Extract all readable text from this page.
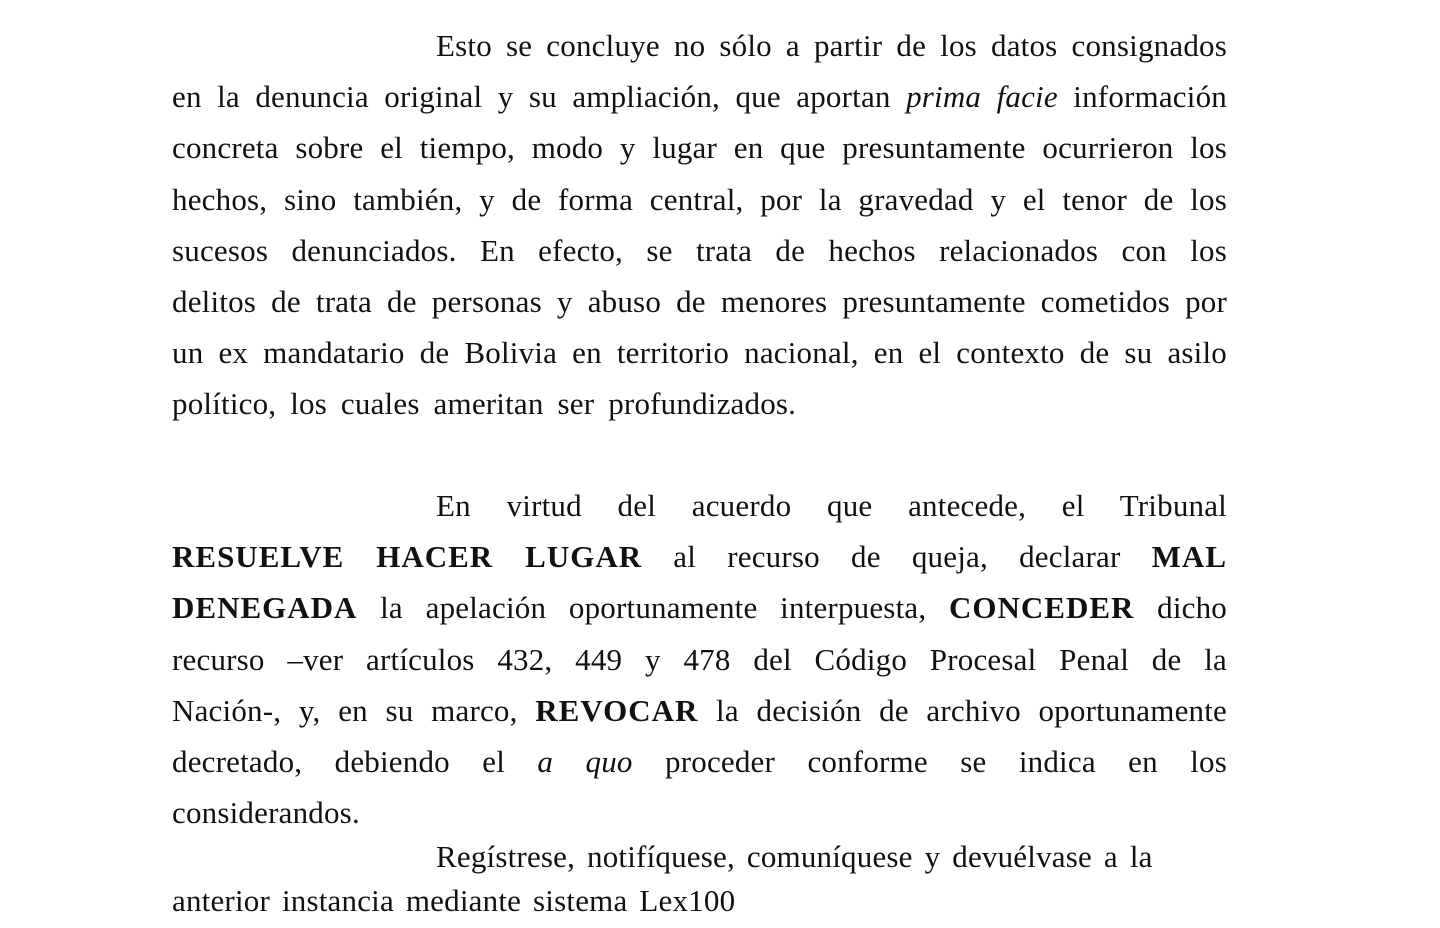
Esto se concluye no sólo a partir de los datos consignados en la denuncia original y su ampliación, que aportan prima facie información concreta sobre el tiempo, modo y lugar en que presuntamente ocurrieron los hechos, sino también, y de forma central, por la gravedad y el tenor de los sucesos denunciados. En efecto, se trata de hechos relacionados con los delitos de trata de personas y abuso de menores presuntamente cometidos por un ex mandatario de Bolivia en territorio nacional, en el contexto de su asilo político, los cuales ameritan ser profundizados.

En virtud del acuerdo que antecede, el Tribunal RESUELVE HACER LUGAR al recurso de queja, declarar MAL DENEGADA la apelación oportunamente interpuesta, CONCEDER dicho recurso –ver artículos 432, 449 y 478 del Código Procesal Penal de la Nación-, y, en su marco, REVOCAR la decisión de archivo oportunamente decretado, debiendo el a quo proceder conforme se indica en los considerandos.

Regístrese, notifíquese, comuníquese y devuélvase a la anterior instancia mediante sistema Lex100
